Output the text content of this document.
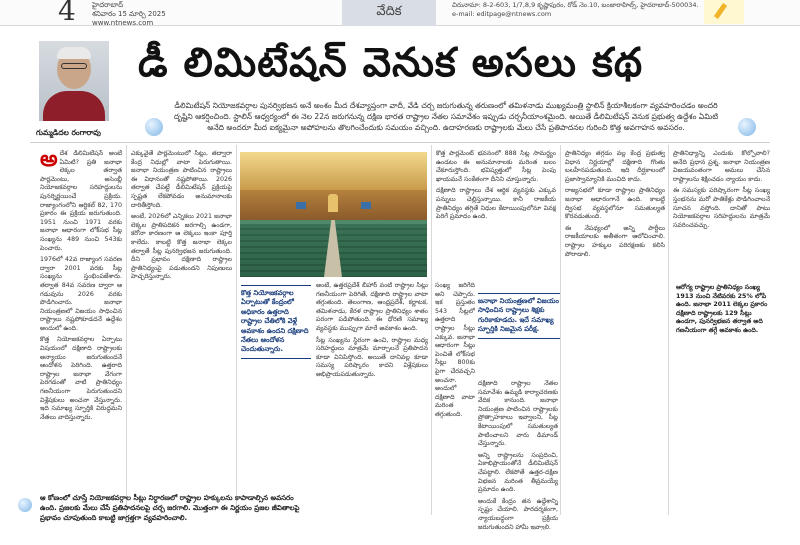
4 హైదరాబాద్
శనివారం 15 మార్చి 2025
www.ntnews.com
వేదిక	చిరునామా: 8-2-603, 1/7,8,9 కృష్ణాపురం, రోడ్ నెం.10, బంజారాహిల్స్, హైదరాబాద్-500034.
e-mail: editpage@ntnews.com
గుమ్మడిదల రంగారావు
డీ లిమిటేషన్ వెనుక అసలు కథ
డీలిమిటేషన్ నియోజకవర్గాల పునర్విభజన అనే అంశం మీద దేశవ్యాప్తంగా వాదీ, వేడి చర్చ జరుగుతున్న తరుణంలో తమిళనాడు ముఖ్యమంత్రి స్టాలిన్ క్రియాశీలకంగా వ్యవహరించడం అందరి దృష్టిని ఆకర్షించింది. స్టాలిన్ ఆధ్వర్యంలో ఈ నెల 22న జరుగనున్న దక్షిణ భారత రాష్ట్రాల నేతల సమావేశం ఇప్పుడు చర్చనీయాంశమైంది. అయితే డీలిమిటేషన్ వెనుక ప్రభుత్వ ఉద్దేశం ఏమిటి అనేది అందరూ మీద ఐక్యమైనా అపోహలను తొలగించేందుకు సమయం వచ్చింది. ఉదాహరణకు రాష్ట్రాలకు మేలు చేసే ప్రతిపాదనల గురించి కొత్త అవగాహన అవసరం.

అదేశ డీలిమిటేషన్ అంటే ఏమిటి? ప్రతి జనాభా లెక్కల తర్వాత పార్లమెంటు, అసెంబ్లీ నియోజకవర్గాల సరిహద్దులను పునర్నిర్ణయించే ప్రక్రియ. రాజ్యాంగంలోని ఆర్టికల్ 82, 170 ప్రకారం ఈ ప్రక్రియ జరుగుతుంది. 1951 నుంచి 1971 వరకు జనాభా ఆధారంగా లోక్‌సభ సీట్ల సంఖ్యను 489 నుంచి 543కు పెంచారు.

1976లో 42వ రాజ్యాంగ సవరణ ద్వారా 2001 వరకు సీట్ల సంఖ్యను స్తంభింపజేశారు. తర్వాత 84వ సవరణ ద్వారా ఆ గడువును 2026 వరకు పొడిగించారు. జనాభా నియంత్రణలో విజయం సాధించిన రాష్ట్రాలు నష్టపోకూడదనే ఉద్దేశం అందులో ఉంది.

కొత్త నియోజకవర్గాల ఏర్పాటు విషయంలో దక్షిణాది రాష్ట్రాలకు అన్యాయం జరుగుతుందనే ఆందోళన పెరిగింది. ఉత్తరాది రాష్ట్రాల జనాభా వేగంగా పెరగడంతో వాటి ప్రాతినిధ్యం గణనీయంగా పెరుగుతుందని విశ్లేషకులు అంచనా వేస్తున్నారు. ఇది సమాఖ్య స్ఫూర్తికి విరుద్ధమని నేతలు వాదిస్తున్నారు.

ఎక్కువైతే పార్లమెంటులో సీట్లు, తద్వారా కేంద్ర నిధుల్లో వాటా పెరుగుతాయి. జనాభా నియంత్రణ పాటించిన రాష్ట్రాలు ఈ విధానంతో నష్టపోతాయి. 2026 తర్వాత చేపట్టే డీలిమిటేషన్ ప్రక్రియపై స్పష్టత లేకపోవడం అనుమానాలకు దారితీస్తోంది.

అంటే, 2026లో ఎన్నికలు 2021 జనాభా లెక్కల ప్రాతిపదికన జరగాల్సి ఉండగా, కరోనా కారణంగా ఆ లెక్కలు ఇంకా పూర్తి కాలేదు. కాబట్టి కొత్త జనాభా లెక్కల తర్వాతే సీట్ల పునర్విభజన జరుగుతుంది. దీని ప్రభావం దక్షిణాది రాష్ట్రాల ప్రాతినిధ్యంపై పడుతుందని నిపుణులు హెచ్చరిస్తున్నారు.

కొత్త నియోజకవర్గాల ఏర్పాటుతో కేంద్రంలో అధికారం ఉత్తరాది రాష్ట్రాల చేతిలోకి వెళ్లే అవకాశం ఉందని దక్షిణాది నేతలు ఆందోళన చెందుతున్నారు.

అంటే, ఉత్తరప్రదేశ్ బీహార్ వంటి రాష్ట్రాల సీట్లు గణనీయంగా పెరిగితే, దక్షిణాది రాష్ట్రాల వాటా తగ్గుతుంది. తెలంగాణ, ఆంధ్రప్రదేశ్, కర్ణాటక, తమిళనాడు, కేరళ రాష్ట్రాల ప్రాతినిధ్యం శాతం పరంగా పడిపోతుంది. ఈ ధోరణి సమాఖ్య వ్యవస్థకు ముప్పుగా మారే అవకాశం ఉంది.

సీట్ల సంఖ్యను స్థిరంగా ఉంచి, రాష్ట్రాల మధ్య సరిహద్దులు మాత్రమే మార్చాలనే ప్రతిపాదన కూడా వినిపిస్తోంది. అయితే దానివల్ల కూడా సమస్య పరిష్కారం కాదని విశ్లేషకులు అభిప్రాయపడుతున్నారు.

సంఖ్య జరిగేది అని చెప్పారు. ఇక ప్రస్తుతం 543 సీట్లలో ఉత్తరాది రాష్ట్రాల సీట్లు ఎక్కువ. జనాభా ఆధారంగా సీట్లు పెంచితే లోక్‌సభ సీట్లు 800కు పైగా చేరవచ్చని అంచనా. అందులో దక్షిణాది వాటా మరింత తగ్గుతుంది.

కొత్త పార్లమెంట్ భవనంలో 888 సీట్ల సామర్థ్యం ఉండటం ఈ అనుమానాలకు మరింత బలం చేకూరుస్తోంది. భవిష్యత్తులో సీట్ల పెంపు ఖాయమనే సంకేతంగా దీనిని చూస్తున్నారు.

దక్షిణాది రాష్ట్రాలు దేశ ఆర్థిక వ్యవస్థకు ఎక్కువ పన్నులు చెల్లిస్తున్నాయి. కానీ రాజకీయ ప్రాతినిధ్యం తగ్గితే నిధుల కేటాయింపులోనూ వివక్ష పెరిగే ప్రమాదం ఉంది.

జనాభా నియంత్రణలో విజయం సాధించిన రాష్ట్రాలు శిక్షకు గురికాకూడదు. ఇదే సమాఖ్య స్ఫూర్తికి నిజమైన పరీక్ష.

దక్షిణాది రాష్ట్రాల నేతల సమావేశం ఉమ్మడి కార్యాచరణకు వేదిక కానుంది. జనాభా నియంత్రణ పాటించిన రాష్ట్రాలకు ప్రోత్సాహకాలు ఇవ్వాలని, సీట్ల కేటాయింపులో సమతుల్యత పాటించాలని వారు డిమాండ్ చేస్తున్నారు.

అన్ని రాష్ట్రాలను సంప్రదించి, ఏకాభిప్రాయంతోనే డీలిమిటేషన్ చేపట్టాలి. లేకపోతే ఉత్తర-దక్షిణ విభజన మరింత తీవ్రమయ్యే ప్రమాదం ఉంది.

అందుకే కేంద్రం తన ఉద్దేశాన్ని స్పష్టం చేయాలి. పారదర్శకంగా, న్యాయబద్ధంగా ప్రక్రియ జరుగుతుందని హామీ ఇవ్వాలి.

ప్రాతినిధ్యం తగ్గడం వల్ల కేంద్ర ప్రభుత్వ విధాన నిర్ణయాల్లో దక్షిణాది గొంతు బలహీనపడుతుంది. ఇది దీర్ఘకాలంలో ప్రజాస్వామ్యానికి మంచిది కాదు.

రాజ్యసభలో కూడా రాష్ట్రాల ప్రాతినిధ్యం జనాభా ఆధారంగానే ఉంది. కాబట్టి ద్విసభ వ్యవస్థలోనూ సమతుల్యత కొరవడుతుంది.

ఈ నేపథ్యంలో అన్ని పార్టీలు రాజకీయాలకు అతీతంగా ఆలోచించాలి. రాష్ట్రాల హక్కుల పరిరక్షణకు కలిసి పోరాడాలి.

ప్రాతినిధ్యాన్ని ఎందుకు కోల్పోవాలి? అనేది ప్రధాన ప్రశ్న. జనాభా నియంత్రణ విజయవంతంగా అమలు చేసిన రాష్ట్రాలను శిక్షించడం న్యాయం కాదు.

ఈ సమస్యకు పరిష్కారంగా సీట్ల సంఖ్య స్తంభనను మరో పాతికేళ్లు పొడిగించాలనే సూచన వస్తోంది. దానితో పాటు నియోజకవర్గాల సరిహద్దులను మాత్రమే సవరించవచ్చు.

ఆరోగ్య రాష్ట్రాల ప్రాతినిధ్యం సంఖ్య 1913 నుంచి నేటివరకు 25% లోపే ఉంది. జనాభా 2011 లెక్కల ప్రకారం దక్షిణాది రాష్ట్రాలకు 129 సీట్లు ఉండగా, పునర్విభజన తర్వాత అది గణనీయంగా తగ్గే అవకాశం ఉంది.
ఆ కోణంలో చూస్తే నియోజకవర్గాల సీట్లు నిర్ధారణలో రాష్ట్రాల హక్కులను కాపాడాల్సిన అవసరం ఉంది. ప్రజలకు మేలు చేసే ప్రతిపాదనలపై చర్చ జరగాలి. మొత్తంగా ఈ నిర్ణయం ప్రజల జీవితాలపై ప్రభావం చూపుతుంది కాబట్టి జాగ్రత్తగా వ్యవహరించాలి.
